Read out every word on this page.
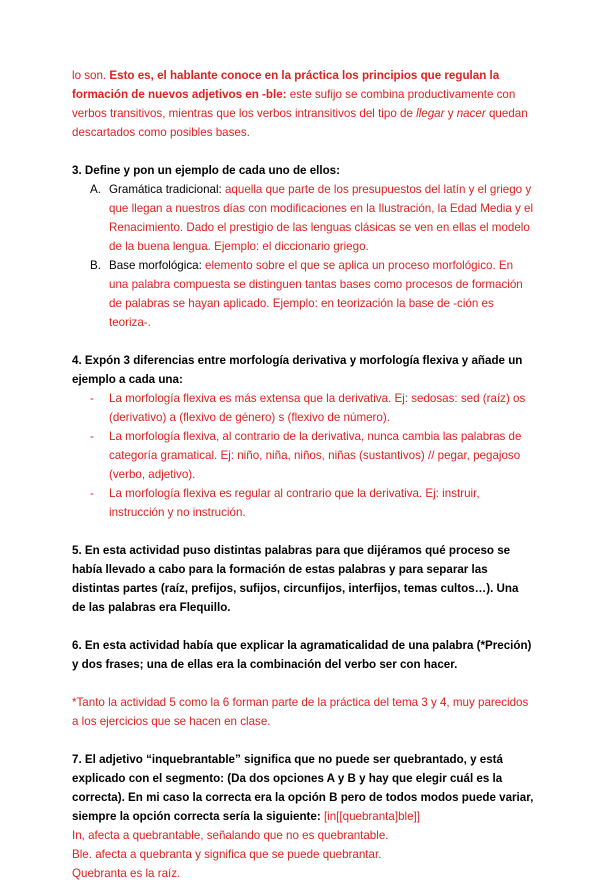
lo son. Esto es, el hablante conoce en la práctica los principios que regulan la formación de nuevos adjetivos en -ble: este sufijo se combina productivamente con verbos transitivos, mientras que los verbos intransitivos del tipo de llegar y nacer quedan descartados como posibles bases.

3. Define y pon un ejemplo de cada uno de ellos:

A. Gramática tradicional: aquella que parte de los presupuestos del latín y el griego y que llegan a nuestros días con modificaciones en la Ilustración, la Edad Media y el Renacimiento. Dado el prestigio de las lenguas clásicas se ven en ellas el modelo de la buena lengua. Ejemplo: el diccionario griego.
B. Base morfológica: elemento sobre el que se aplica un proceso morfológico. En una palabra compuesta se distinguen tantas bases como procesos de formación de palabras se hayan aplicado. Ejemplo: en teorización la base de -ción es teoriza-.

4. Expón 3 diferencias entre morfología derivativa y morfología flexiva y añade un ejemplo a cada una:

-	La morfología flexiva es más extensa que la derivativa. Ej: sedosas: sed (raíz) os (derivativo) a (flexivo de género) s (flexivo de número).
-	La morfología flexiva, al contrario de la derivativa, nunca cambia las palabras de categoría gramatical. Ej: niño, niña, niños, niñas (sustantivos) // pegar, pegajoso (verbo, adjetivo).
-	La morfología flexiva es regular al contrario que la derivativa. Ej: instruir, instrucción y no instrución.

5. En esta actividad puso distintas palabras para que dijéramos qué proceso se había llevado a cabo para la formación de estas palabras y para separar las distintas partes (raíz, prefijos, sufijos, circunfijos, interfijos, temas cultos…). Una de las palabras era Flequillo.

6. En esta actividad había que explicar la agramaticalidad de una palabra (*Preción) y dos frases; una de ellas era la combinación del verbo ser con hacer.

*Tanto la actividad 5 como la 6 forman parte de la práctica del tema 3 y 4, muy parecidos a los ejercicios que se hacen en clase.

7. El adjetivo “inquebrantable” significa que no puede ser quebrantado, y está explicado con el segmento: (Da dos opciones A y B y hay que elegir cuál es la correcta). En mi caso la correcta era la opción B pero de todos modos puede variar, siempre la opción correcta sería la siguiente: [in[[quebranta]ble]]

In, afecta a quebrantable, señalando que no es quebrantable.

Ble. afecta a quebranta y significa que se puede quebrantar.

Quebranta es la raíz.
